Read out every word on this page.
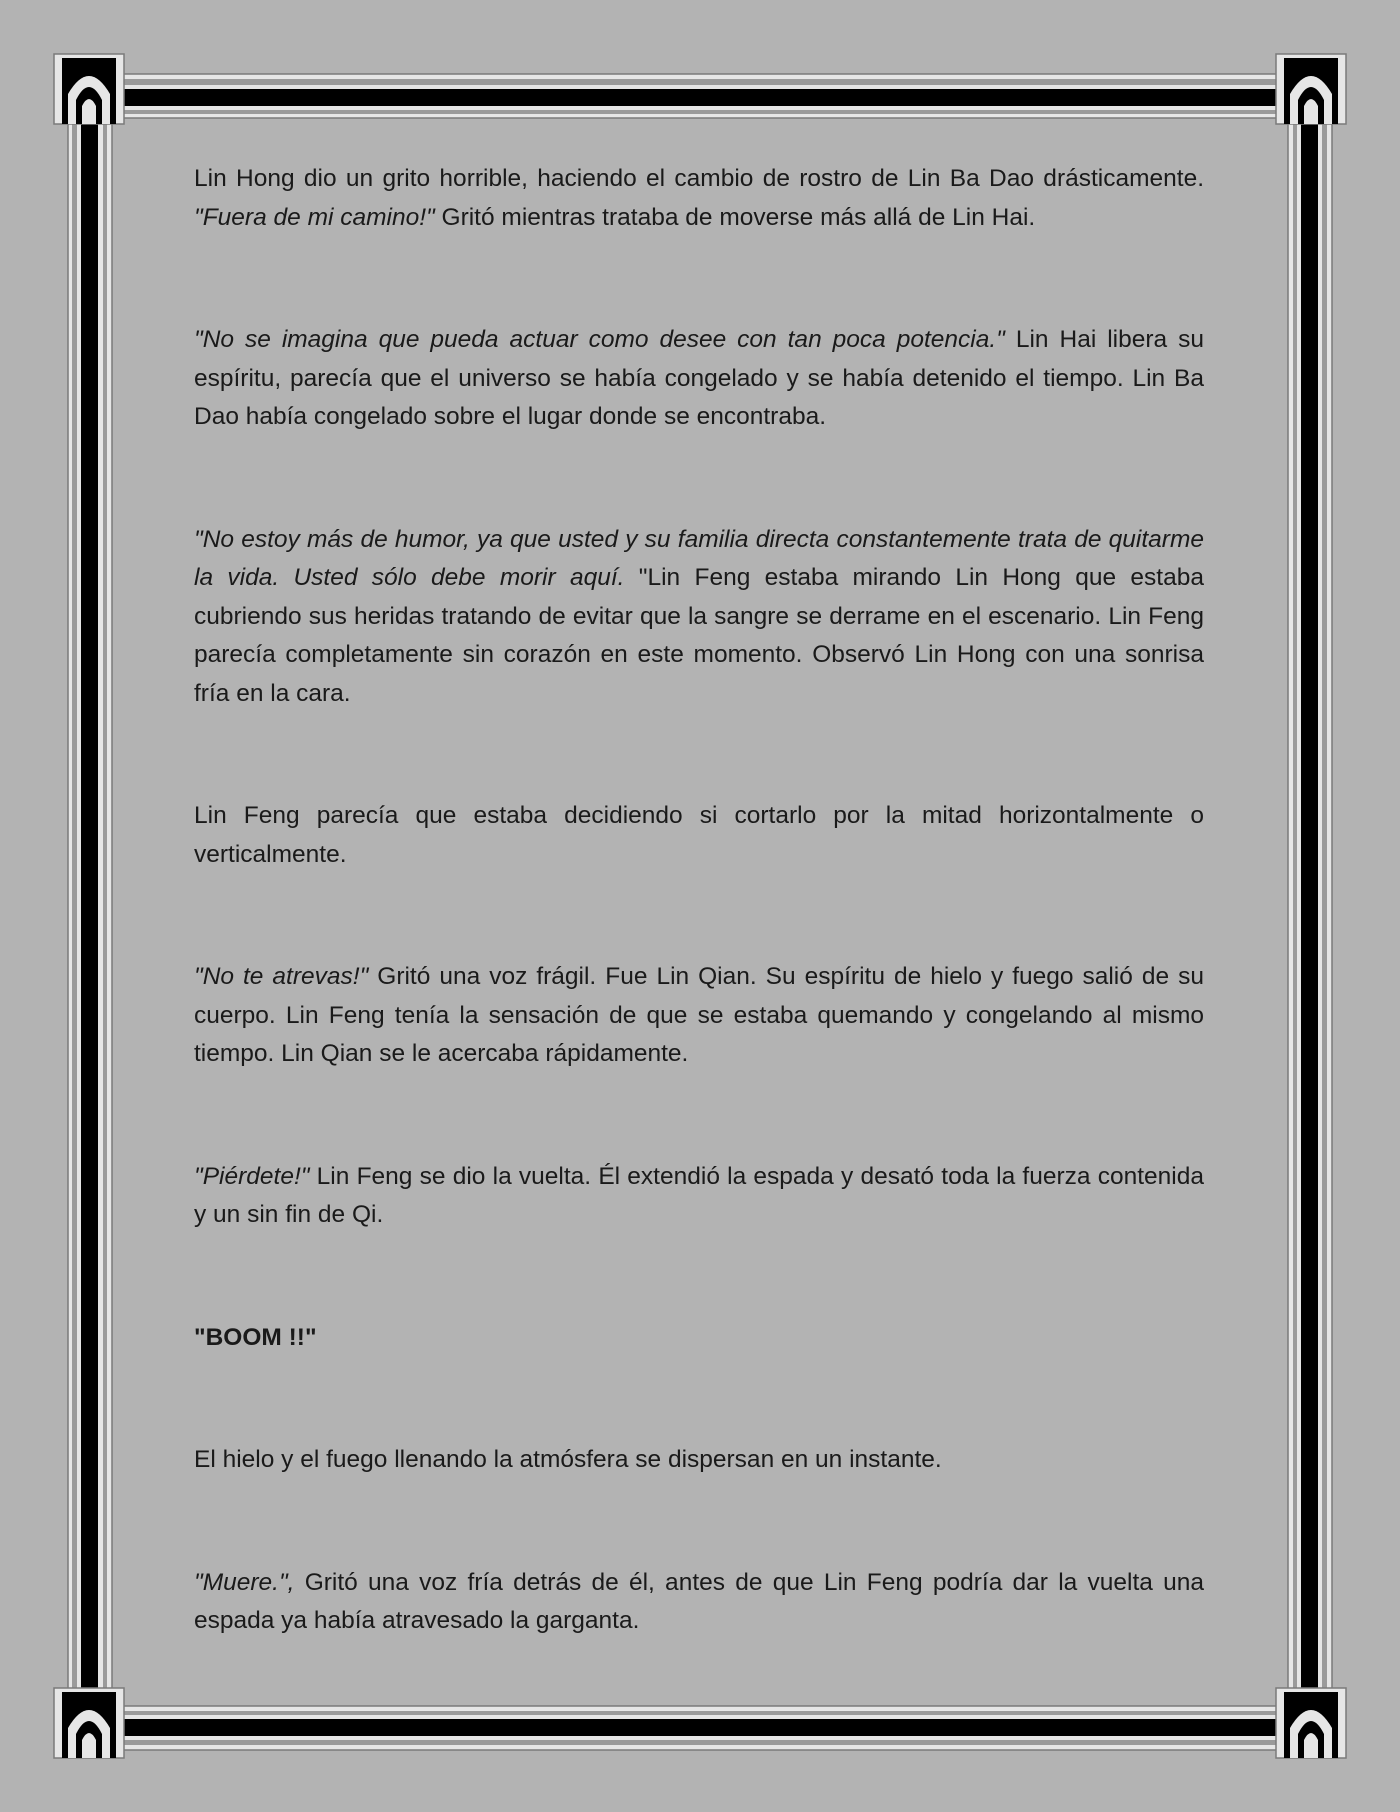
Lin Hong dio un grito horrible, haciendo el cambio de rostro de Lin Ba Dao drásticamente. "Fuera de mi camino!" Gritó mientras trataba de moverse más allá de Lin Hai.

"No se imagina que pueda actuar como desee con tan poca potencia." Lin Hai libera su espíritu, parecía que el universo se había congelado y se había detenido el tiempo. Lin Ba Dao había congelado sobre el lugar donde se encontraba.

"No estoy más de humor, ya que usted y su familia directa constantemente trata de quitarme la vida. Usted sólo debe morir aquí. "Lin Feng estaba mirando Lin Hong que estaba cubriendo sus heridas tratando de evitar que la sangre se derrame en el escenario. Lin Feng parecía completamente sin corazón en este momento. Observó Lin Hong con una sonrisa fría en la cara.

Lin Feng parecía que estaba decidiendo si cortarlo por la mitad horizontalmente o verticalmente.

"No te atrevas!" Gritó una voz frágil. Fue Lin Qian. Su espíritu de hielo y fuego salió de su cuerpo. Lin Feng tenía la sensación de que se estaba quemando y congelando al mismo tiempo. Lin Qian se le acercaba rápidamente.

"Piérdete!" Lin Feng se dio la vuelta. Él extendió la espada y desató toda la fuerza contenida y un sin fin de Qi.

"BOOM !!"

El hielo y el fuego llenando la atmósfera se dispersan en un instante.

"Muere.", Gritó una voz fría detrás de él, antes de que Lin Feng podría dar la vuelta una espada ya había atravesado la garganta.
